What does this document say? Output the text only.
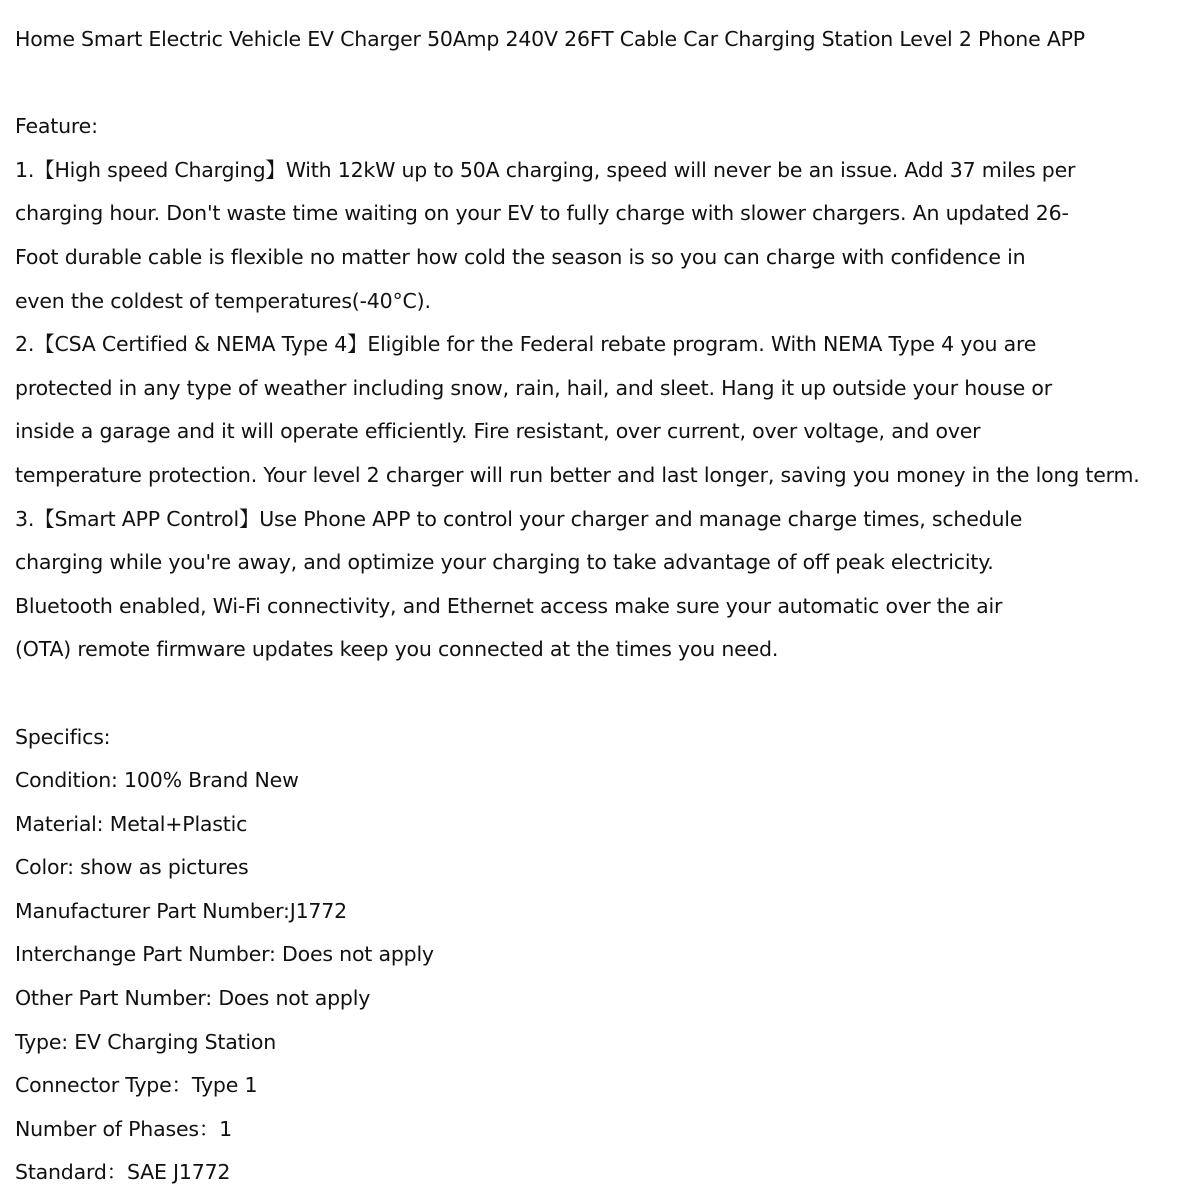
Home Smart Electric Vehicle EV Charger 50Amp 240V 26FT Cable Car Charging Station Level 2 Phone APP
Feature:
1.【High speed Charging】With 12kW up to 50A charging, speed will never be an issue. Add 37 miles per
charging hour. Don't waste time waiting on your EV to fully charge with slower chargers. An updated 26-
Foot durable cable is flexible no matter how cold the season is so you can charge with confidence in
even the coldest of temperatures(-40°C).
2.【CSA Certified & NEMA Type 4】Eligible for the Federal rebate program. With NEMA Type 4 you are
protected in any type of weather including snow, rain, hail, and sleet. Hang it up outside your house or
inside a garage and it will operate efficiently. Fire resistant, over current, over voltage, and over
temperature protection. Your level 2 charger will run better and last longer, saving you money in the long term.
3.【Smart APP Control】Use Phone APP to control your charger and manage charge times, schedule
charging while you're away, and optimize your charging to take advantage of off peak electricity.
Bluetooth enabled, Wi-Fi connectivity, and Ethernet access make sure your automatic over the air
(OTA) remote firmware updates keep you connected at the times you need.
Specifics:
Condition: 100% Brand New
Material: Metal+Plastic
Color: show as pictures
Manufacturer Part Number:J1772
Interchange Part Number: Does not apply
Other Part Number: Does not apply
Type: EV Charging Station
Connector Type：Type 1
Number of Phases：1
Standard：SAE J1772
